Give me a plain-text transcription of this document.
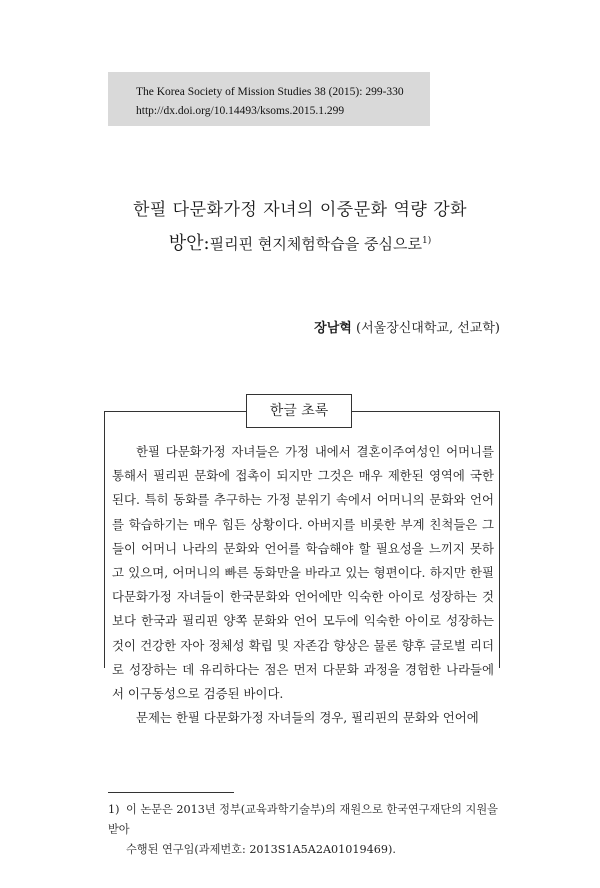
The Korea Society of Mission Studies 38 (2015): 299-330
http://dx.doi.org/10.14493/ksoms.2015.1.299
한필 다문화가정 자녀의 이중문화 역량 강화
방안:필리핀 현지체험학습을 중심으로$^{1)}$
장남혁 (서울장신대학교, 선교학)
한글 초록

한필 다문화가정 자녀들은 가정 내에서 결혼이주여성인 어머니를 통해서 필리핀 문화에 접촉이 되지만 그것은 매우 제한된 영역에 국한된다. 특히 동화를 추구하는 가정 분위기 속에서 어머니의 문화와 언어를 학습하기는 매우 힘든 상황이다. 아버지를 비롯한 부계 친척들은 그들이 어머니 나라의 문화와 언어를 학습해야 할 필요성을 느끼지 못하고 있으며, 어머니의 빠른 동화만을 바라고 있는 형편이다. 하지만 한필 다문화가정 자녀들이 한국문화와 언어에만 익숙한 아이로 성장하는 것보다 한국과 필리핀 양쪽 문화와 언어 모두에 익숙한 아이로 성장하는 것이 건강한 자아 정체성 확립 및 자존감 향상은 물론 향후 글로벌 리더로 성장하는 데 유리하다는 점은 먼저 다문화 과정을 경험한 나라들에서 이구동성으로 검증된 바이다.

문제는 한필 다문화가정 자녀들의 경우, 필리핀의 문화와 언어에

1) 이 논문은 2013년 정부(교육과학기술부)의 재원으로 한국연구재단의 지원을 받아
수행된 연구임(과제번호: 2013S1A5A2A01019469).
